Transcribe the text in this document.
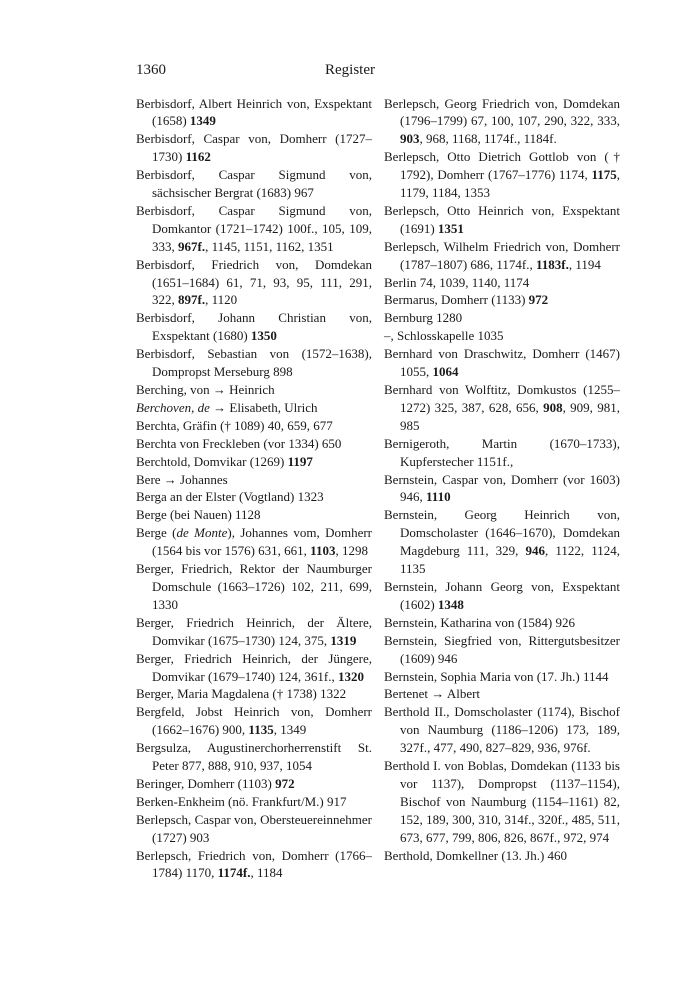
1360	Register

Berbisdorf, Albert Heinrich von, Exspektant (1658) 1349

Berbisdorf, Caspar von, Domherr (1727–1730) 1162

Berbisdorf, Caspar Sigmund von, sächsischer Bergrat (1683) 967

Berbisdorf, Caspar Sigmund von, Domkantor (1721–1742) 100f., 105, 109, 333, 967f., 1145, 1151, 1162, 1351

Berbisdorf, Friedrich von, Domdekan (1651–1684) 61, 71, 93, 95, 111, 291, 322, 897f., 1120

Berbisdorf, Johann Christian von, Exspektant (1680) 1350

Berbisdorf, Sebastian von (1572–1638), Dompropst Merseburg 898

Berching, von → Heinrich

Berchoven, de → Elisabeth, Ulrich

Berchta, Gräfin († 1089) 40, 659, 677

Berchta von Freckleben (vor 1334) 650

Berchtold, Domvikar (1269) 1197

Bere → Johannes

Berga an der Elster (Vogtland) 1323

Berge (bei Nauen) 1128

Berge (de Monte), Johannes vom, Domherr (1564 bis vor 1576) 631, 661, 1103, 1298

Berger, Friedrich, Rektor der Naumburger Domschule (1663–1726) 102, 211, 699, 1330

Berger, Friedrich Heinrich, der Ältere, Domvikar (1675–1730) 124, 375, 1319

Berger, Friedrich Heinrich, der Jüngere, Domvikar (1679–1740) 124, 361f., 1320

Berger, Maria Magdalena († 1738) 1322

Bergfeld, Jobst Heinrich von, Domherr (1662–1676) 900, 1135, 1349

Bergsulza, Augustinerchorherrenstift St. Peter 877, 888, 910, 937, 1054

Beringer, Domherr (1103) 972

Berken-Enkheim (nö. Frankfurt/M.) 917

Berlepsch, Caspar von, Obersteuereinnehmer (1727) 903

Berlepsch, Friedrich von, Domherr (1766–1784) 1170, 1174f., 1184

Berlepsch, Georg Friedrich von, Domdekan (1796–1799) 67, 100, 107, 290, 322, 333, 903, 968, 1168, 1174f., 1184f.

Berlepsch, Otto Dietrich Gottlob von († 1792), Domherr (1767–1776) 1174, 1175, 1179, 1184, 1353

Berlepsch, Otto Heinrich von, Exspektant (1691) 1351

Berlepsch, Wilhelm Friedrich von, Domherr (1787–1807) 686, 1174f., 1183f., 1194

Berlin 74, 1039, 1140, 1174

Bermarus, Domherr (1133) 972

Bernburg 1280

–, Schlosskapelle 1035

Bernhard von Draschwitz, Domherr (1467) 1055, 1064

Bernhard von Wolftitz, Domkustos (1255–1272) 325, 387, 628, 656, 908, 909, 981, 985

Bernigeroth, Martin (1670–1733), Kupferstecher 1151f.,

Bernstein, Caspar von, Domherr (vor 1603) 946, 1110

Bernstein, Georg Heinrich von, Domscholaster (1646–1670), Domdekan Magdeburg 111, 329, 946, 1122, 1124, 1135

Bernstein, Johann Georg von, Exspektant (1602) 1348

Bernstein, Katharina von (1584) 926

Bernstein, Siegfried von, Rittergutsbesitzer (1609) 946

Bernstein, Sophia Maria von (17. Jh.) 1144

Bertenet → Albert

Berthold II., Domscholaster (1174), Bischof von Naumburg (1186–1206) 173, 189, 327f., 477, 490, 827–829, 936, 976f.

Berthold I. von Boblas, Domdekan (1133 bis vor 1137), Dompropst (1137–1154), Bischof von Naumburg (1154–1161) 82, 152, 189, 300, 310, 314f., 320f., 485, 511, 673, 677, 799, 806, 826, 867f., 972, 974

Berthold, Domkellner (13. Jh.) 460
